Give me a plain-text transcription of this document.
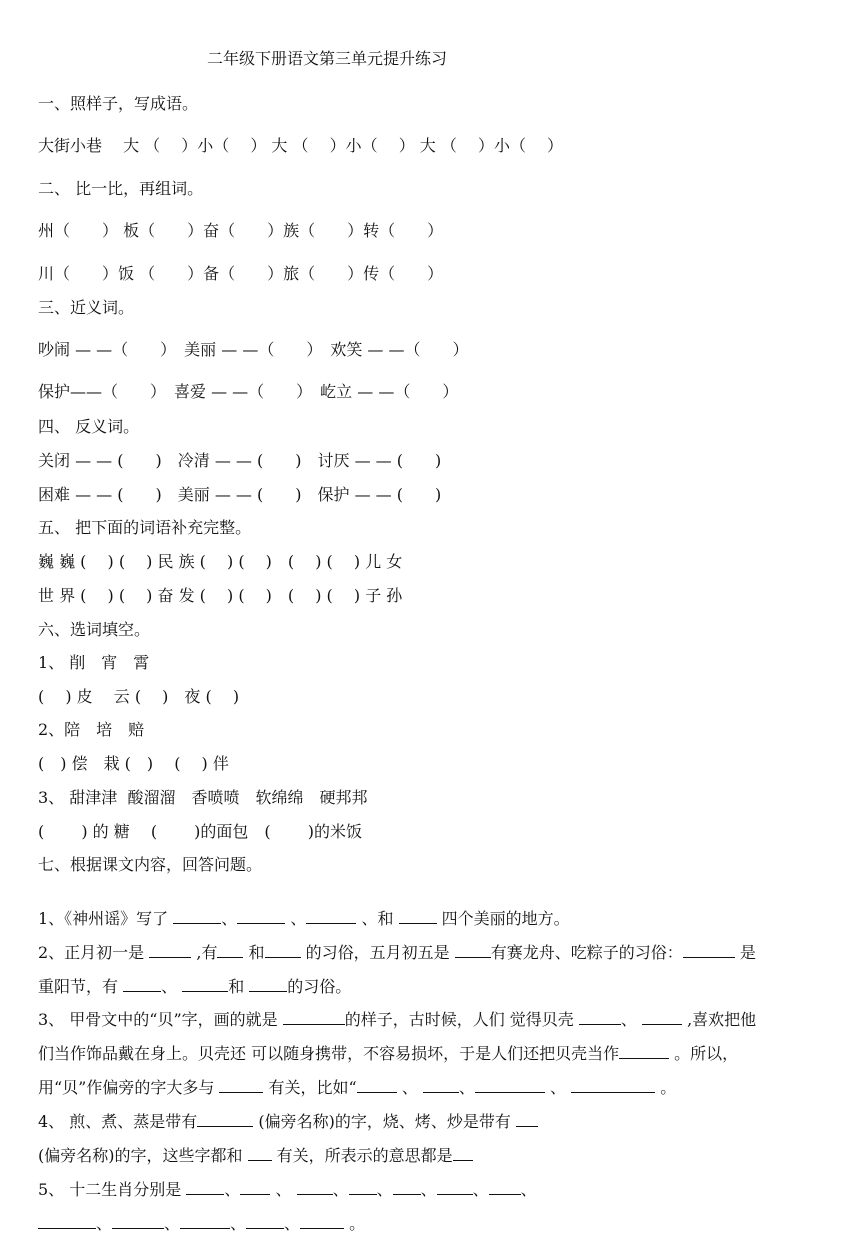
二年级下册语文第三单元提升练习
一、照样子，写成语。
大街小巷　 大 （　 ）小（　 ） 大 （　 ）小（　 ） 大 （　 ）小（　 ）
二、 比一比，再组词。
州（　　） 板（　　）奋（　　）族（　　）转（　　）
川（　　）饭 （　　）备（　　）旅（　　）传（　　）
三、近义词。
吵闹 — —（　　）　美丽 — —（　　）　欢笑 — —（　　）
保护——（　　）　喜爱 — —（　　）　屹立 — —（　　）
四、 反义词。
关闭 — — (　　)　冷清 — — (　　)　讨厌 — — (　　)
困难 — — (　　)　美丽 — — (　　)　保护 — — (　　)
五、 把下面的词语补充完整。
巍 巍 ( 　) ( 　) 民 族 ( 　) ( 　)　( 　) ( 　) 儿 女
世 界 ( 　) ( 　) 奋 发 ( 　) ( 　)　( 　) ( 　) 子 孙
六、选词填空。
1、 削　宵　霄
(　 ) 皮　 云 (　 )　夜 (　 )
2、陪　培　赔
(　) 偿　栽 (　)　 (　 ) 伴
3、 甜津津  酸溜溜　香喷喷　软绵绵　硬邦邦
(　　 ) 的 糖　 (　　 )的面包　(　　 )的米饭
七、根据课文内容，回答问题。

1、《神州谣》写了	、	、	、和  四个美丽的地方。

2、正月初一是	,有 和 的习俗，五月初五是 有赛龙舟、吃粽子的习俗：	是

重阳节，有 、	和 的习俗。

3、 甲骨文中的“贝”字，画的就是	的样子，古时候，人们 觉得贝壳	、	,喜欢把他

们当作饰品戴在身上。贝壳还 可以随身携带，不容易损坏，于是人们还把贝壳当作	。所以，

用“贝”作偏旁的字大多与	有关，比如“	、 、	、	。

4、 煎、煮、蒸是带有	(偏旁名称)的字，烧、烤、炒是带有

(偏旁名称)的字，这些字都和  有关，所表示的意思都是

5、 十二生肖分别是 、 、 、 、 、 、 、

、	、	、 、	。
